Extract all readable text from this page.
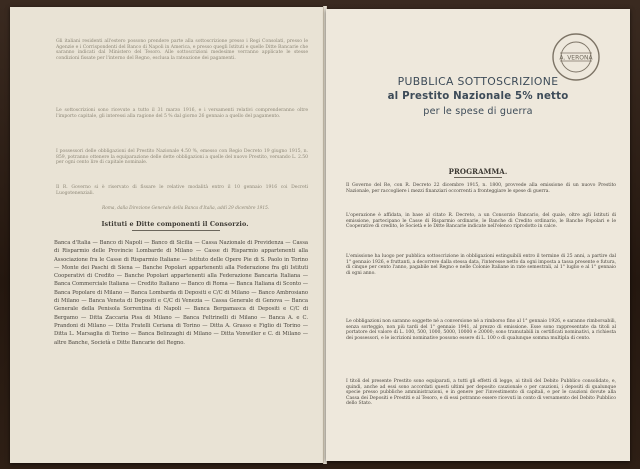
Gli italiani residenti all'estero possono prendere parte alla sottoscrizione presso i Regi Consolati, presso le Agenzie e i Corrispondenti del Banco di Napoli in America, e presso quegli Istituti e quelle Ditte Bancarie che saranno indicati dal Ministero del Tesoro. Alle sottoscrizioni medesime verranno applicate le stesse condizioni fissate per l'interno del Regno, esclusa la rateazione dei pagamenti.
Le sottoscrizioni sono ricevute a tutto il 31 marzo 1916, e i versamenti relativi comprenderanno oltre l'importo capitale, gli interessi alla ragione del 5 % dal giorno 26 gennaio a quello del pagamento.
I possessori delle obbligazioni del Prestito Nazionale 4.50 %, emesso con Regio Decreto 19 giugno 1915, n. 859, potranno ottenere la equiparazione delle dette obbligazioni a quelle del nuovo Prestito, versando L. 2.50 per ogni cento lire di capitale nominale.
Il R. Governo si è riservato di fissare le relative modalità entro il 10 gennaio 1916 coi Decreti Luogotenenziali.
Roma, dalla Direzione Generale della Banca d'Italia, addì 29 dicembre 1915.
Istituti e Ditte componenti il Consorzio.
Banca d'Italia — Banco di Napoli — Banco di Sicilia — Cassa Nazionale di Previdenza — Cassa di Risparmio delle Provincie Lombarde di Milano — Casse di Risparmio appartenenti alla Associazione fra le Casse di Risparmio Italiane — Istituto delle Opere Pie di S. Paolo in Torino — Monte dei Paschi di Siena — Banche Popolari appartenenti alla Federazione fra gli Istituti Cooperativi di Credito — Banche Popolari appartenenti alla Federazione Bancaria Italiana — Banca Commerciale Italiana — Credito Italiano — Banco di Roma — Banca Italiana di Sconto — Banca Popolare di Milano — Banca Lombarda di Depositi e C/C di Milano — Banco Ambrosiano di Milano — Banca Veneta di Depositi e C/C di Venezia — Cassa Generale di Genova — Banca Generale della Penisola Sorrentina di Napoli — Banca Bergamasca di Depositi e C/C di Bergamo — Ditta Zaccaria Pisa di Milano — Banca Feltrinelli di Milano — Banca A. e C. Prandoni di Milano — Ditta Fratelli Ceriana di Torino — Ditta A. Grasso e Figlio di Torino — Ditta L. Marsaglia di Torino — Banca Belinzaghi di Milano — Ditta Vonwiller e C. di Milano — altre Banche, Società e Ditte Bancarie del Regno.
A. VERONA
PUBBLICA SOTTOSCRIZIONE
al Prestito Nazionale 5% netto
per le spese di guerra
PROGRAMMA.
Il Governo del Re, con R. Decreto 22 dicembre 1915, n. 1800, provvede alla emissione di un nuovo Prestito Nazionale, per raccogliere i mezzi finanziari occorrenti a fronteggiare le spese di guerra.
L'operazione è affidata, in base al citato R. Decreto, a un Consorzio Bancario, del quale, oltre agli Istituti di emissione, partecipano le Casse di Risparmio ordinarie, le Banche di Credito ordinario, le Banche Popolari e le Cooperative di credito, le Società e le Ditte Bancarie indicate nell'elenco riprodotto in calce.
L'emissione ha luogo per pubblica sottoscrizione in obbligazioni estinguibili entro il termine di 25 anni, a partire dal 1° gennaio 1926, e fruttanti, a decorrere dalla stessa data, l'interesse netto da ogni imposta a tassa presente e futura, di cinque per cento l'anno, pagabile nel Regno e nelle Colonie Italiane in rate semestrali, al 1° luglio e al 1° gennaio di ogni anno.
Le obbligazioni non saranno soggette né a conversione né a rimborso fino al 1° gennaio 1926, e saranno rimborsabili, senza sorteggio, non più tardi del 1° gennaio 1941, al prezzo di emissione. Esse sono rappresentate da titoli al portatore del valore di L. 100, 500, 1000, 5000, 10000 e 20000; sono tramutabili in certificati nominativi, a richiesta dei possessori, e le iscrizioni nominative possono essere di L. 100 o di qualunque somma multipla di cento.
I titoli del presente Prestito sono equiparati, a tutti gli effetti di legge, ai titoli del Debito Pubblico consolidato, e, quindi, anche ad essi sono accordati questi ultimi per deposito cauzionale o per cauzioni, i depositi di qualunque specie presso pubbliche amministrazioni, e in genere per l'investimento di capitali, e per le cauzioni dovute alla Cassa dei Depositi e Prestiti e al Tesoro, e di essi potranno essere ricevuti in conto di versamento del Debito Pubblico dello Stato.
